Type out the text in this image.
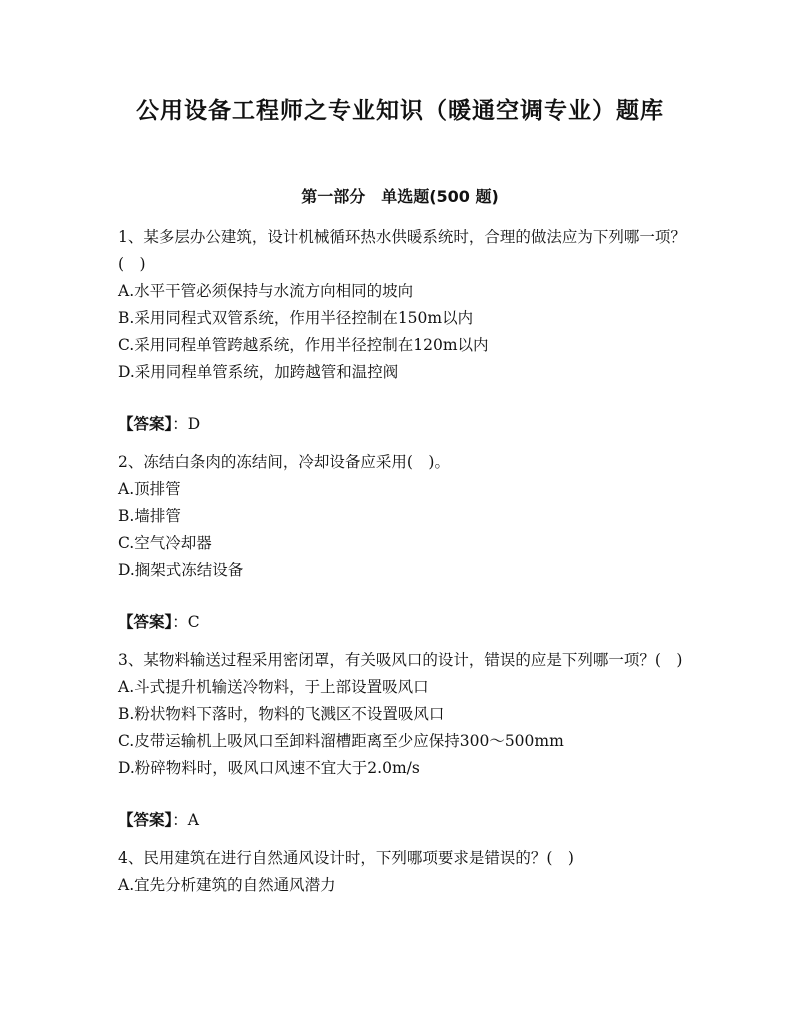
公用设备工程师之专业知识（暖通空调专业）题库
第一部分　单选题(500 题)
1、某多层办公建筑，设计机械循环热水供暖系统时，合理的做法应为下列哪一项？(　)
A.水平干管必须保持与水流方向相同的坡向
B.采用同程式双管系统，作用半径控制在150m以内
C.采用同程单管跨越系统，作用半径控制在120m以内
D.采用同程单管系统，加跨越管和温控阀
【答案】：D
2、冻结白条肉的冻结间，冷却设备应采用(　)。
A.顶排管
B.墙排管
C.空气冷却器
D.搁架式冻结设备
【答案】：C
3、某物料输送过程采用密闭罩，有关吸风口的设计，错误的应是下列哪一项？(　)
A.斗式提升机输送冷物料，于上部设置吸风口
B.粉状物料下落时，物料的飞溅区不设置吸风口
C.皮带运输机上吸风口至卸料溜槽距离至少应保持300～500mm
D.粉碎物料时，吸风口风速不宜大于2.0m/s
【答案】：A
4、民用建筑在进行自然通风设计时，下列哪项要求是错误的？(　)
A.宜先分析建筑的自然通风潜力
